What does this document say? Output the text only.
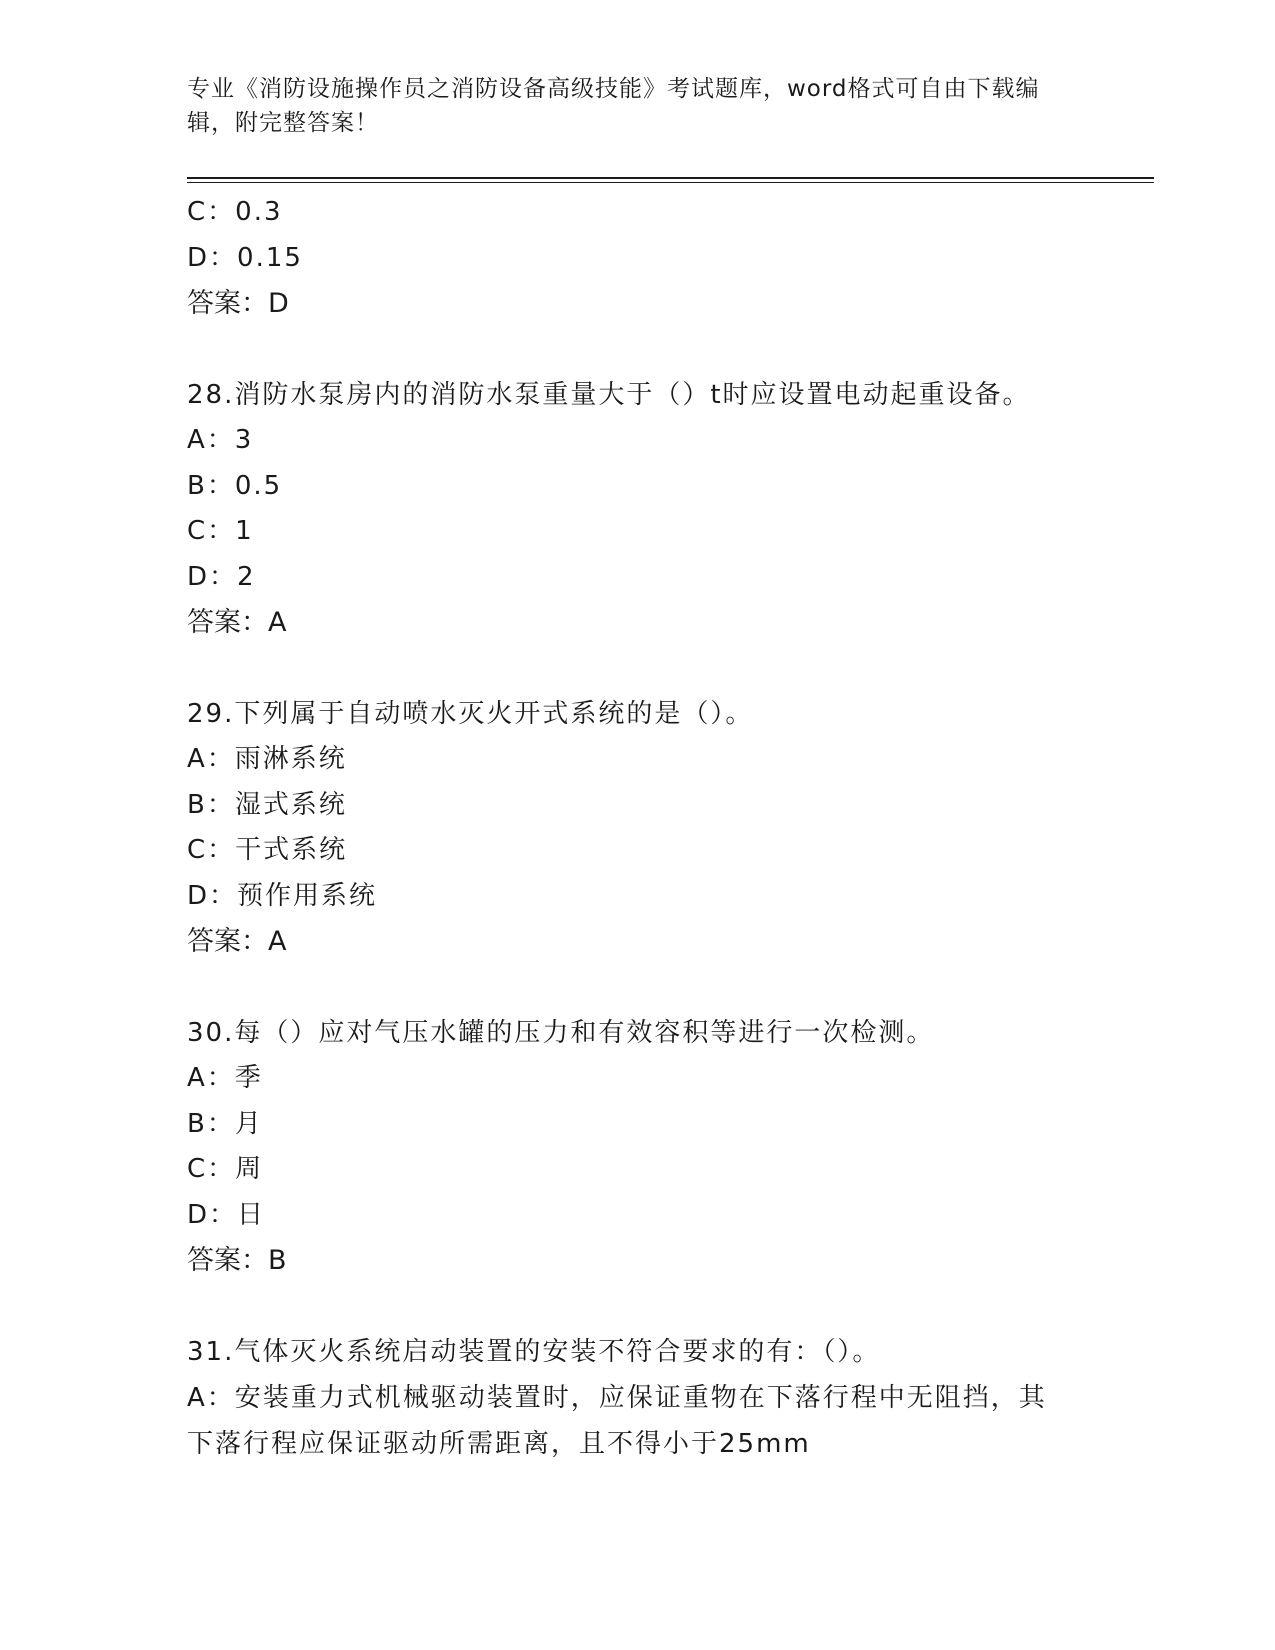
专业《消防设施操作员之消防设备高级技能》考试题库，word格式可自由下载编
辑，附完整答案！
C：0.3
D：0.15
答案：D
28.消防水泵房内的消防水泵重量大于（）t时应设置电动起重设备。
A：3
B：0.5
C：1
D：2
答案：A
29.下列属于自动喷水灭火开式系统的是（）。
A：雨淋系统
B：湿式系统
C：干式系统
D：预作用系统
答案：A
30.每（）应对气压水罐的压力和有效容积等进行一次检测。
A：季
B：月
C：周
D：日
答案：B
31.气体灭火系统启动装置的安装不符合要求的有：（）。
A：安装重力式机械驱动装置时，应保证重物在下落行程中无阻挡，其
下落行程应保证驱动所需距离，且不得小于25mm
